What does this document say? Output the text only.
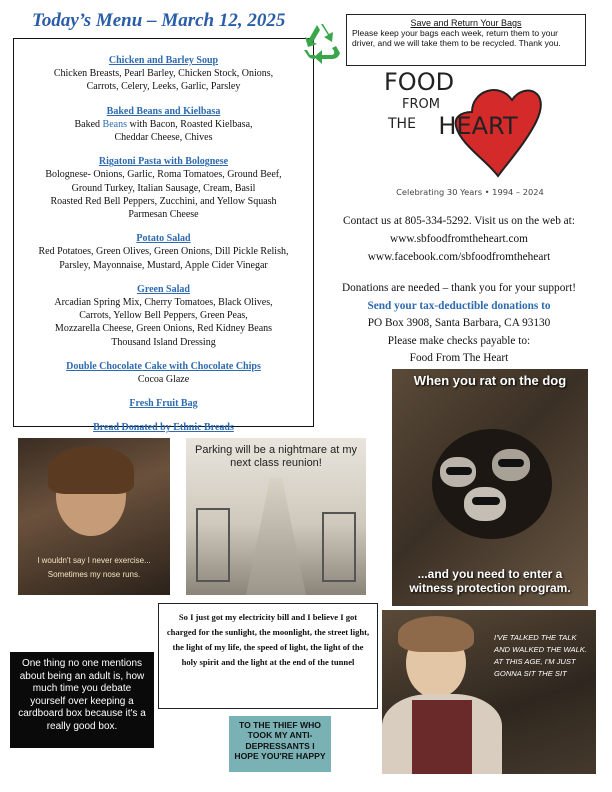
Today’s Menu – March 12, 2025
Chicken and Barley Soup
Chicken Breasts, Pearl Barley, Chicken Stock, Onions,
Carrots, Celery, Leeks, Garlic, Parsley
Baked Beans and Kielbasa
Baked Beans with Bacon, Roasted Kielbasa,
Cheddar Cheese, Chives
Rigatoni Pasta with Bolognese
Bolognese- Onions, Garlic, Roma Tomatoes, Ground Beef,
Ground Turkey, Italian Sausage, Cream, Basil
Roasted Red Bell Peppers, Zucchini, and Yellow Squash
Parmesan Cheese
Potato Salad
Red Potatoes, Green Olives, Green Onions, Dill Pickle Relish,
Parsley, Mayonnaise, Mustard, Apple Cider Vinegar
Green Salad
Arcadian Spring Mix, Cherry Tomatoes, Black Olives,
Carrots, Yellow Bell Peppers, Green Peas,
Mozzarella Cheese, Green Onions, Red Kidney Beans
Thousand Island Dressing
Double Chocolate Cake with Chocolate Chips
Cocoa Glaze
Fresh Fruit Bag
Bread Donated by Ethnic Breads
Save and Return Your Bags
Please keep your bags each week, return them to your driver, and we will take them to be recycled. Thank you.
FOOD
FROM
THE HEART
Celebrating 30 Years • 1994 – 2024
Contact us at 805-334-5292. Visit us on the web at:
www.sbfoodfromtheheart.com
www.facebook.com/sbfoodfromtheheart
Donations are needed – thank you for your support!
Send your tax-deductible donations to
PO Box 3908, Santa Barbara, CA 93130
Please make checks payable to:
Food From The Heart
When you rat on the dog
...and you need to enter a witness protection program.
I wouldn't say I never exercise...
Sometimes my nose runs.
Parking will be a nightmare at my next class reunion!
So I just got my electricity bill and I believe I got charged for the sunlight, the moonlight, the street light, the light of my life, the speed of light, the light of the holy spirit and the light at the end of the tunnel
One thing no one mentions about being an adult is, how much time you debate yourself over keeping a cardboard box because it's a really good box.	TO THE THIEF WHO TOOK MY ANTI-DEPRESSANTS I HOPE YOU'RE HAPPY
I'VE TALKED THE TALK AND WALKED THE WALK. AT THIS AGE, I'M JUST GONNA SIT THE SIT
